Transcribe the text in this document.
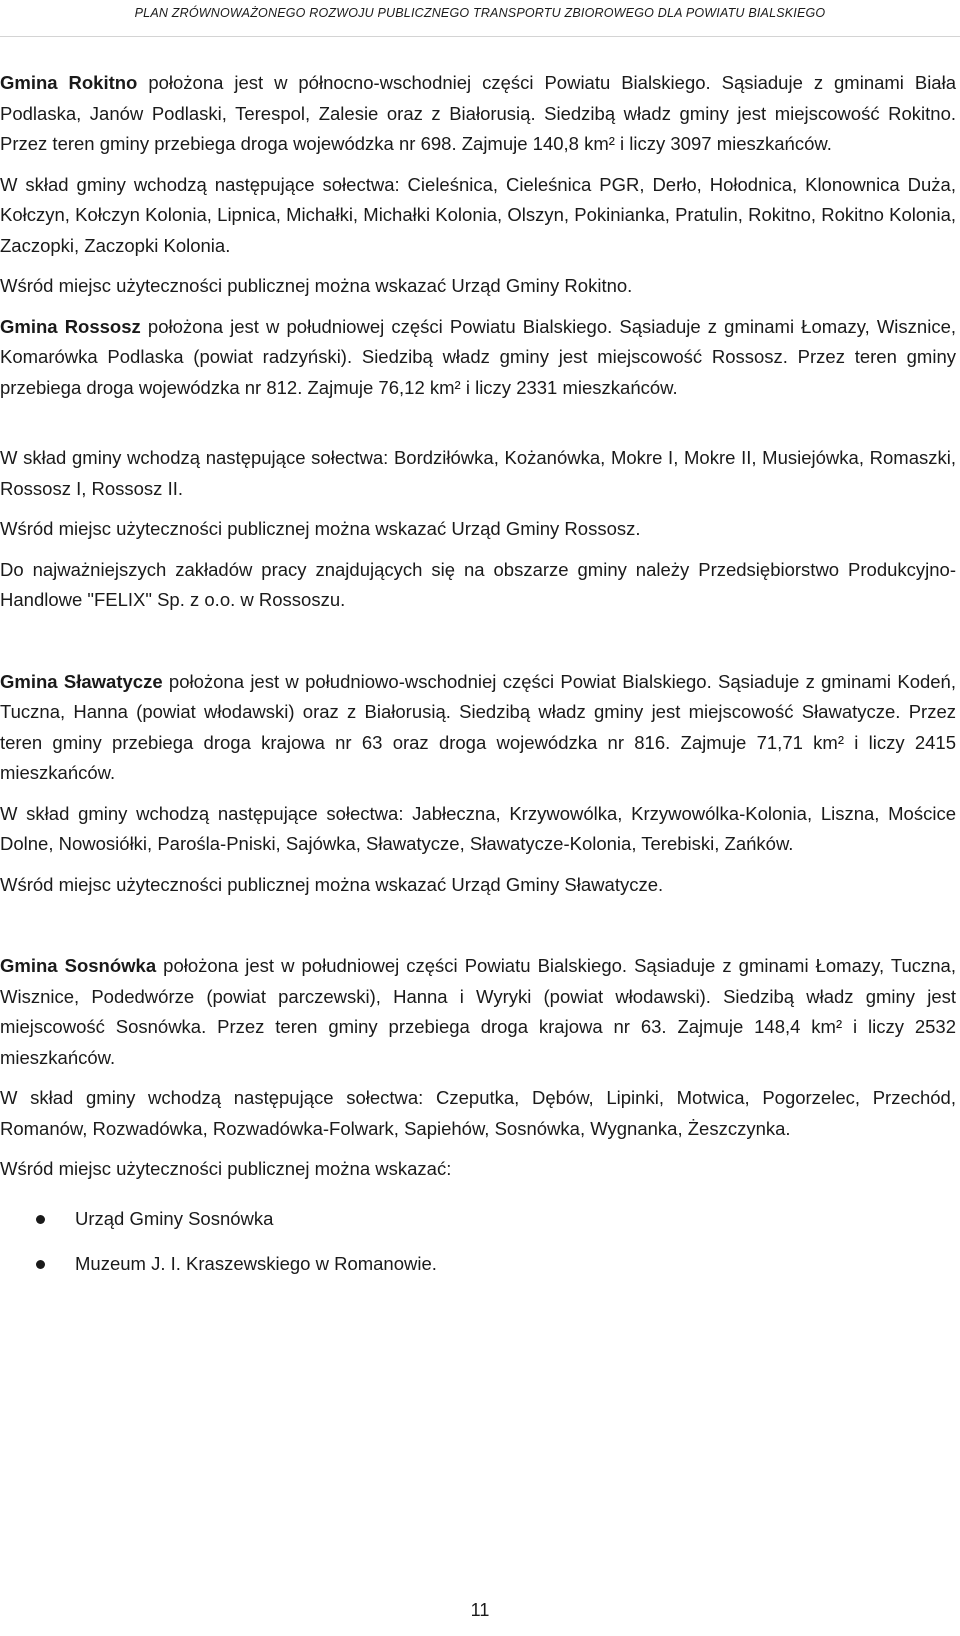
PLAN ZRÓWNOWAŻONEGO ROZWOJU PUBLICZNEGO TRANSPORTU ZBIOROWEGO DLA POWIATU BIALSKIEGO

Gmina Rokitno położona jest w północno-wschodniej części Powiatu Bialskiego. Sąsiaduje z gminami Biała Podlaska, Janów Podlaski, Terespol, Zalesie oraz z Białorusią. Siedzibą władz gminy jest miejscowość Rokitno. Przez teren gminy przebiega droga wojewódzka nr 698. Zajmuje 140,8 km² i liczy 3097 mieszkańców.

W skład gminy wchodzą następujące sołectwa: Cieleśnica, Cieleśnica PGR, Derło, Hołodnica, Klonownica Duża, Kołczyn, Kołczyn Kolonia, Lipnica, Michałki, Michałki Kolonia, Olszyn, Pokinianka, Pratulin, Rokitno, Rokitno Kolonia, Zaczopki, Zaczopki Kolonia.

Wśród miejsc użyteczności publicznej można wskazać Urząd Gminy Rokitno.

Gmina Rossosz położona jest w południowej części Powiatu Bialskiego. Sąsiaduje z gminami Łomazy, Wisznice, Komarówka Podlaska (powiat radzyński). Siedzibą władz gminy jest miejscowość Rossosz. Przez teren gminy przebiega droga wojewódzka nr 812. Zajmuje 76,12 km² i liczy 2331 mieszkańców.

W skład gminy wchodzą następujące sołectwa: Bordziłówka, Kożanówka, Mokre I, Mokre II, Musiejówka, Romaszki, Rossosz I, Rossosz II.

Wśród miejsc użyteczności publicznej można wskazać Urząd Gminy Rossosz.

Do najważniejszych zakładów pracy znajdujących się na obszarze gminy należy Przedsiębiorstwo Produkcyjno-Handlowe "FELIX" Sp. z o.o. w Rossoszu.

Gmina Sławatycze położona jest w południowo-wschodniej części Powiat Bialskiego. Sąsiaduje z gminami Kodeń, Tuczna, Hanna (powiat włodawski) oraz z Białorusią. Siedzibą władz gminy jest miejscowość Sławatycze. Przez teren gminy przebiega droga krajowa nr 63 oraz droga wojewódzka nr 816. Zajmuje 71,71 km² i liczy 2415 mieszkańców.

W skład gminy wchodzą następujące sołectwa: Jabłeczna, Krzywowólka, Krzywowólka-Kolonia, Liszna, Mościce Dolne, Nowosiółki, Parośla-Pniski, Sajówka, Sławatycze, Sławatycze-Kolonia, Terebiski, Zańków.

Wśród miejsc użyteczności publicznej można wskazać Urząd Gminy Sławatycze.

Gmina Sosnówka położona jest w południowej części Powiatu Bialskiego. Sąsiaduje z gminami Łomazy, Tuczna, Wisznice, Podedwórze (powiat parczewski), Hanna i Wyryki (powiat włodawski). Siedzibą władz gminy jest miejscowość Sosnówka. Przez teren gminy przebiega droga krajowa nr 63. Zajmuje 148,4 km² i liczy 2532 mieszkańców.

W skład gminy wchodzą następujące sołectwa: Czeputka, Dębów, Lipinki, Motwica, Pogorzelec, Przechód, Romanów, Rozwadówka, Rozwadówka-Folwark, Sapiehów, Sosnówka, Wygnanka, Żeszczynka.

Wśród miejsc użyteczności publicznej można wskazać:

Urząd Gminy Sosnówka
Muzeum J. I. Kraszewskiego w Romanowie.
11
